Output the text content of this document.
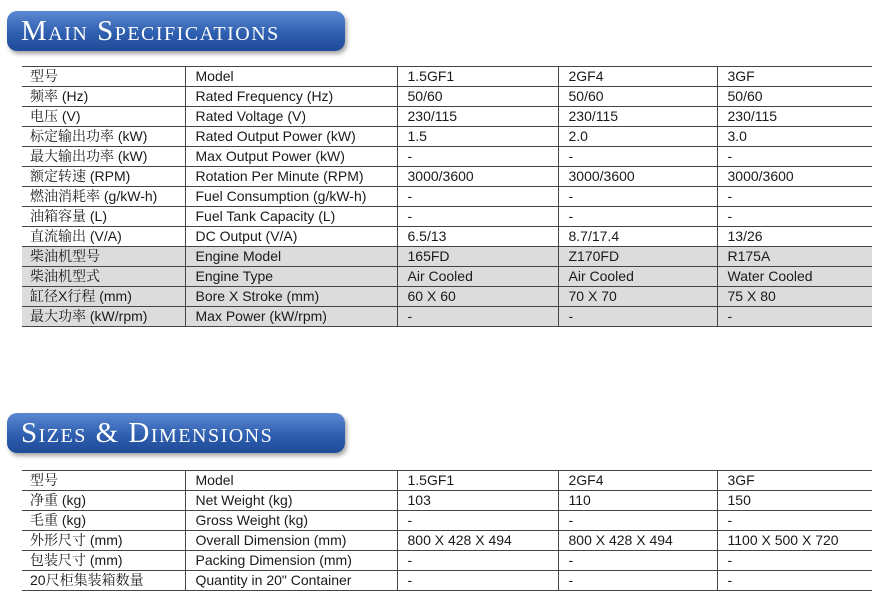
Main Specifications
型号	Model	1.5GF1	2GF4	3GF
频率 (Hz)	Rated Frequency (Hz)	50/60	50/60	50/60
电压 (V)	Rated Voltage (V)	230/115	230/115	230/115
标定输出功率 (kW)	Rated Output Power (kW)	1.5	2.0	3.0
最大输出功率 (kW)	Max Output Power (kW)	-	-	-
额定转速 (RPM)	Rotation Per Minute (RPM)	3000/3600	3000/3600	3000/3600
燃油消耗率 (g/kW-h)	Fuel Consumption (g/kW-h)	-	-	-
油箱容量 (L)	Fuel Tank Capacity (L)	-	-	-
直流输出 (V/A)	DC Output (V/A)	6.5/13	8.7/17.4	13/26
柴油机型号	Engine Model	165FD	Z170FD	R175A
柴油机型式	Engine Type	Air Cooled	Air Cooled	Water Cooled
缸径X行程 (mm)	Bore X Stroke (mm)	60 X 60	70 X 70	75 X 80
最大功率 (kW/rpm)	Max Power (kW/rpm)	-	-	-
Sizes & Dimensions
型号	Model	1.5GF1	2GF4	3GF
净重 (kg)	Net Weight (kg)	103	110	150
毛重 (kg)	Gross Weight (kg)	-	-	-
外形尺寸 (mm)	Overall Dimension (mm)	800 X 428 X 494	800 X 428 X 494	1100 X 500 X 720
包装尺寸 (mm)	Packing Dimension (mm)	-	-	-
20尺柜集装箱数量	Quantity in 20" Container	-	-	-
